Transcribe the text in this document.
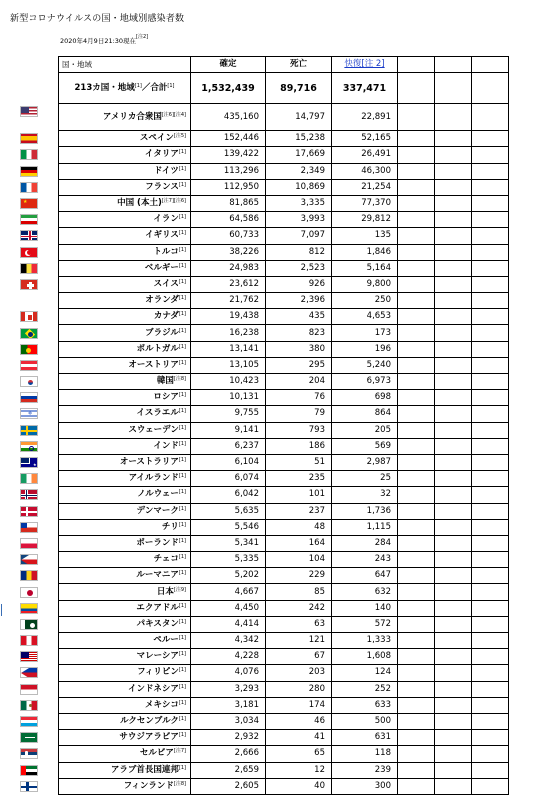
新型コロナウイルスの国・地域別感染者数
2020年4月9日21:30現在[注2]
★
✡
★
国・地域	確定	死亡	快復[注 2]			
213カ国・地域[1]／合計[1]	1,532,439	89,716	337,471			
アメリカ合衆国[注6][注4]	435,160	14,797	22,891			
スペイン[注5]	152,446	15,238	52,165			
イタリア[1]	139,422	17,669	26,491			
ドイツ[1]	113,296	2,349	46,300			
フランス[1]	112,950	10,869	21,254			
中国 (本土)[注7][注6]	81,865	3,335	77,370			
イラン[1]	64,586	3,993	29,812			
イギリス[1]	60,733	7,097	135			
トルコ[1]	38,226	812	1,846			
ベルギー[1]	24,983	2,523	5,164			
スイス[1]	23,612	926	9,800			
オランダ[1]	21,762	2,396	250			
カナダ[1]	19,438	435	4,653			
ブラジル[1]	16,238	823	173			
ポルトガル[1]	13,141	380	196			
オーストリア[1]	13,105	295	5,240			
韓国[注8]	10,423	204	6,973			
ロシア[1]	10,131	76	698			
イスラエル[1]	9,755	79	864			
スウェーデン[1]	9,141	793	205			
インド[1]	6,237	186	569			
オーストラリア[1]	6,104	51	2,987			
アイルランド[1]	6,074	235	25			
ノルウェー[1]	6,042	101	32			
デンマーク[1]	5,635	237	1,736			
チリ[1]	5,546	48	1,115			
ポーランド[1]	5,341	164	284			
チェコ[1]	5,335	104	243			
ルーマニア[1]	5,202	229	647			
日本[注9]	4,667	85	632			
エクアドル[1]	4,450	242	140			
パキスタン[1]	4,414	63	572			
ペルー[1]	4,342	121	1,333			
マレーシア[1]	4,228	67	1,608			
フィリピン[1]	4,076	203	124			
インドネシア[1]	3,293	280	252			
メキシコ[1]	3,181	174	633			
ルクセンブルク[1]	3,034	46	500			
サウジアラビア[1]	2,932	41	631			
セルビア[注7]	2,666	65	118			
アラブ首長国連邦[1]	2,659	12	239			
フィンランド[注8]	2,605	40	300			
